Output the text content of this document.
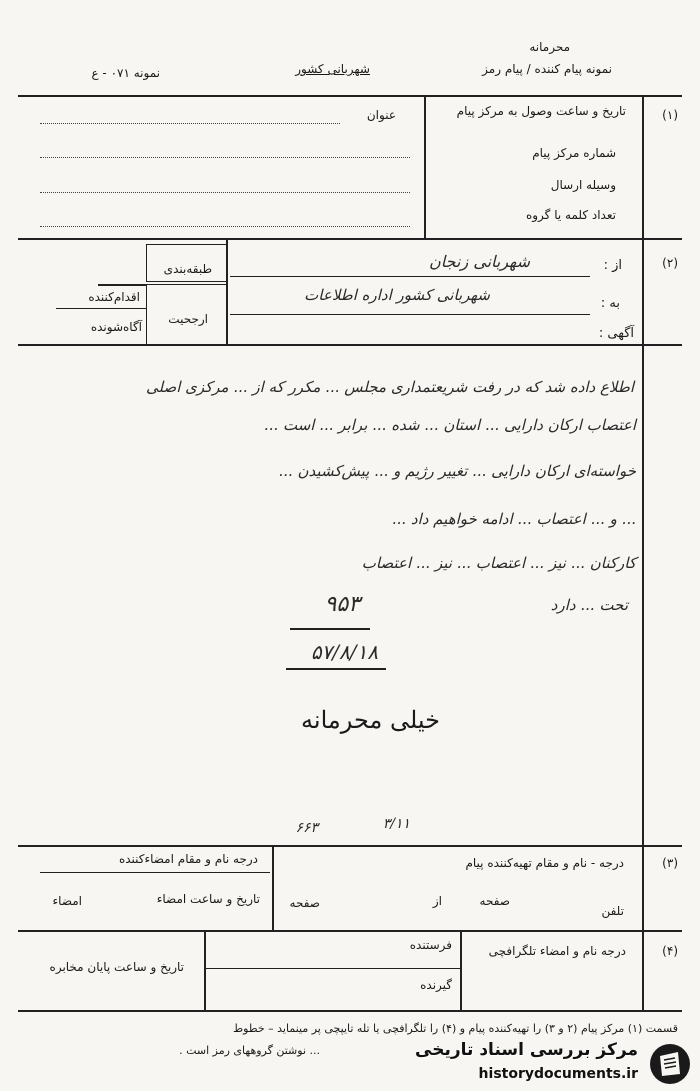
محرمانه
نمونه پیام کننده / پیام رمز
شهربانی کشور
نمونه ۰۷۱ - ع
(۱)
تاریخ و ساعت وصول به مرکز پیام
شماره مرکز پیام
وسیله ارسال
تعداد کلمه یا گروه
عنوان
(۲)
طبقه‌بندی
ارجحیت
اقدام‌کننده
آگاه‌شونده
از :
شهربانی زنجان
به :
شهربانی کشور اداره اطلاعات
آگهی :
اطلاع داده شد که در رفت شریعتمداری مجلس ... مکرر که از ... مرکزی اصلی
اعتصاب ارکان دارایی ... استان ... شده ... برابر ... است ...
خواسته‌ای ارکان دارایی ... تغییر رژیم و ... پیش‌کشیدن ...
... و ... اعتصاب ... ادامه خواهیم داد ...
کارکنان ... نیز ... اعتصاب ... نیز ... اعتصاب
تحت ... دارد
۹۵۳
۵۷/۸/۱۸
خیلی محرمانه
۳/۱۱
۶۶۳
(۳)
درجه - نام و مقام تهیه‌کننده پیام
درجه نام و مقام امضاءکننده
تلفن
صفحه
از
صفحه
تاریخ و ساعت امضاء
امضاء
(۴)
درجه نام و امضاء تلگرافچی
فرستنده
گیرنده
تاریخ و ساعت پایان مخابره
قسمت (۱) مرکز پیام (۲ و ۳) را تهیه‌کننده پیام و (۴) را تلگرافچی یا تله تایپچی پر مینماید – خطوط
... نوشتن گروههای رمز است .	مرکز بررسی اسناد تاریخی
historydocuments.ir
